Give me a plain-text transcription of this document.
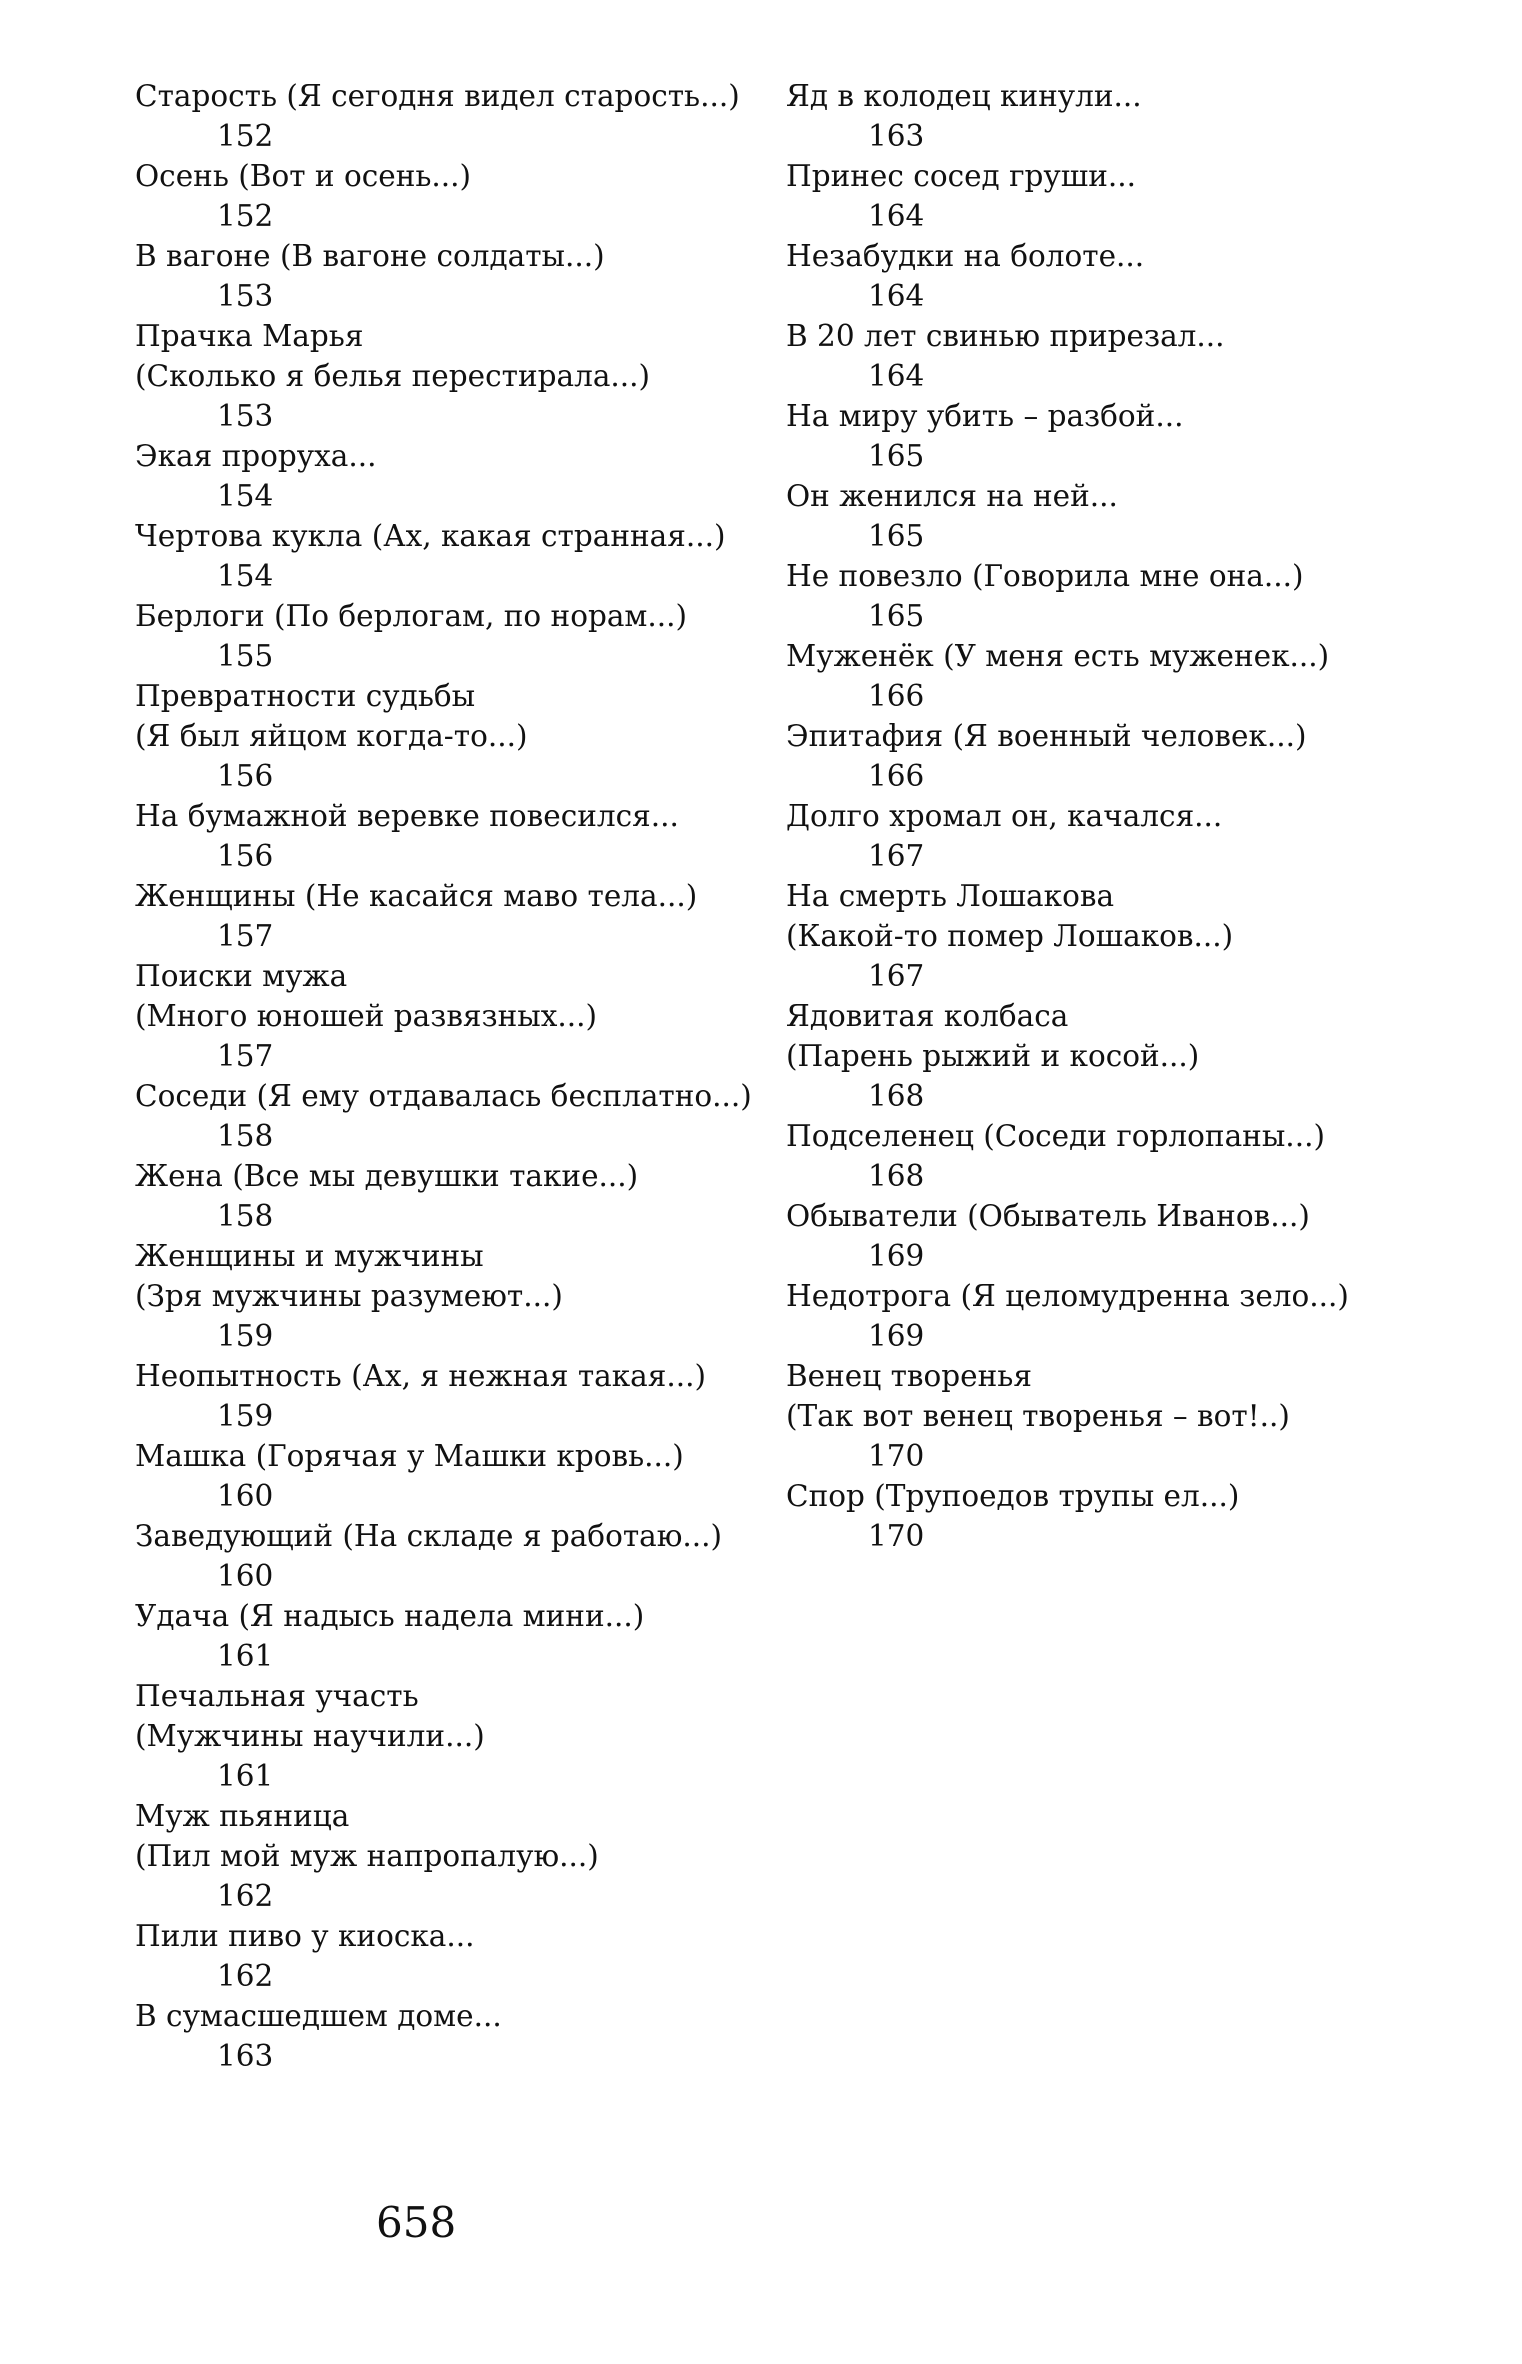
Старость (Я сегодня видел старость...)
152
Осень (Вот и осень...)
152
В вагоне (В вагоне солдаты...)
153
Прачка Марья
(Сколько я белья перестирала...)
153
Экая проруха...
154
Чертова кукла (Ах, какая странная...)
154
Берлоги (По берлогам, по норам...)
155
Превратности судьбы
(Я был яйцом когда-то...)
156
На бумажной веревке повесился...
156
Женщины (Не касайся маво тела...)
157
Поиски мужа
(Много юношей развязных...)
157
Соседи (Я ему отдавалась бесплатно...)
158
Жена (Все мы девушки такие...)
158
Женщины и мужчины
(Зря мужчины разумеют...)
159
Неопытность (Ах, я нежная такая...)
159
Машка (Горячая у Машки кровь...)
160
Заведующий (На складе я работаю...)
160
Удача (Я надысь надела мини...)
161
Печальная участь
(Мужчины научили...)
161
Муж пьяница
(Пил мой муж напропалую...)
162
Пили пиво у киоска...
162
В сумасшедшем доме...
163
Яд в колодец кинули...
163
Принес сосед груши...
164
Незабудки на болоте...
164
В 20 лет свинью прирезал...
164
На миру убить – разбой...
165
Он женился на ней...
165
Не повезло (Говорила мне она...)
165
Муженёк (У меня есть муженек...)
166
Эпитафия (Я военный человек...)
166
Долго хромал он, качался...
167
На смерть Лошакова
(Какой-то помер Лошаков...)
167
Ядовитая колбаса
(Парень рыжий и косой...)
168
Подселенец (Соседи горлопаны...)
168
Обыватели (Обыватель Иванов...)
169
Недотрога (Я целомудренна зело...)
169
Венец творенья
(Так вот венец творенья – вот!..)
170
Спор (Трупоедов трупы ел...)
170
658
